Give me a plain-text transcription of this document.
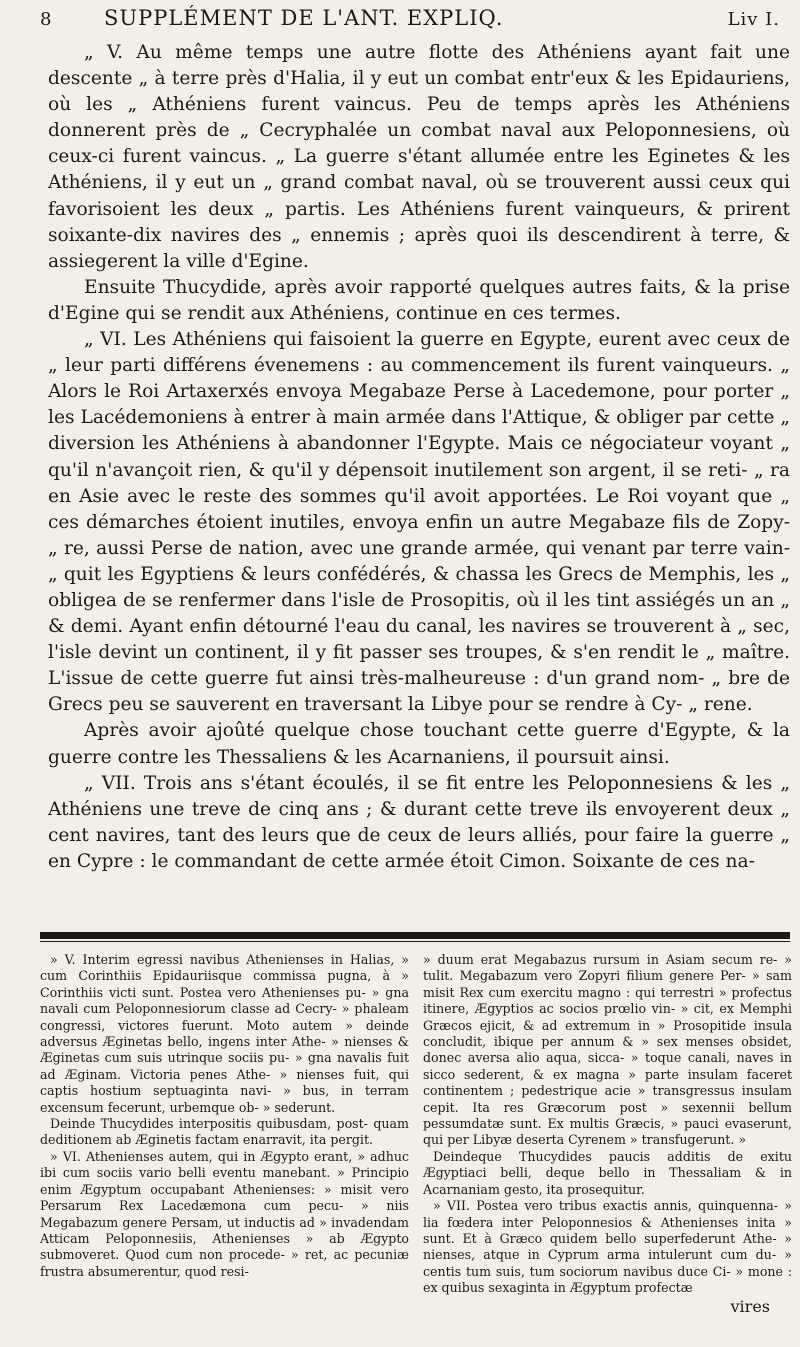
8	SUPPLÉMENT DE L'ANT. EXPLIQ.	Liv I.

„ V. Au même temps une autre flotte des Athéniens ayant fait une descente „ à terre près d'Halia, il y eut un combat entr'eux & les Epidauriens, où les „ Athéniens furent vaincus. Peu de temps après les Athéniens donnerent près de „ Cecryphalée un combat naval aux Peloponnesiens, où ceux-ci furent vaincus. „ La guerre s'étant allumée entre les Eginetes & les Athéniens, il y eut un „ grand combat naval, où se trouverent aussi ceux qui favorisoient les deux „ partis. Les Athéniens furent vainqueurs, & prirent soixante-dix navires des „ ennemis ; après quoi ils descendirent à terre, & assiegerent la ville d'Egine.

Ensuite Thucydide, après avoir rapporté quelques autres faits, & la prise d'Egine qui se rendit aux Athéniens, continue en ces termes.

„ VI. Les Athéniens qui faisoient la guerre en Egypte, eurent avec ceux de „ leur parti différens évenemens : au commencement ils furent vainqueurs. „ Alors le Roi Artaxerxés envoya Megabaze Perse à Lacedemone, pour porter „ les Lacédemoniens à entrer à main armée dans l'Attique, & obliger par cette „ diversion les Athéniens à abandonner l'Egypte. Mais ce négociateur voyant „ qu'il n'avançoit rien, & qu'il y dépensoit inutilement son argent, il se reti- „ ra en Asie avec le reste des sommes qu'il avoit apportées. Le Roi voyant que „ ces démarches étoient inutiles, envoya enfin un autre Megabaze fils de Zopy- „ re, aussi Perse de nation, avec une grande armée, qui venant par terre vain- „ quit les Egyptiens & leurs confédérés, & chassa les Grecs de Memphis, les „ obligea de se renfermer dans l'isle de Prosopitis, où il les tint assiégés un an „ & demi. Ayant enfin détourné l'eau du canal, les navires se trouverent à „ sec, l'isle devint un continent, il y fit passer ses troupes, & s'en rendit le „ maître. L'issue de cette guerre fut ainsi très-malheureuse : d'un grand nom- „ bre de Grecs peu se sauverent en traversant la Libye pour se rendre à Cy- „ rene.

Après avoir ajoûté quelque chose touchant cette guerre d'Egypte, & la guerre contre les Thessaliens & les Acarnaniens, il poursuit ainsi.

„ VII. Trois ans s'étant écoulés, il se fit entre les Peloponnesiens & les „ Athéniens une treve de cinq ans ; & durant cette treve ils envoyerent deux „ cent navires, tant des leurs que de ceux de leurs alliés, pour faire la guerre „ en Cypre : le commandant de cette armée étoit Cimon. Soixante de ces na-

» V. Interim egressi navibus Athenienses in Halias, » cum Corinthiis Epidauriisque commissa pugna, à » Corinthiis victi sunt. Postea vero Athenienses pu- » gna navali cum Peloponnesiorum classe ad Cecry- » phaleam congressi, victores fuerunt. Moto autem » deinde adversus Æginetas bello, ingens inter Athe- » nienses & Æginetas cum suis utrinque sociis pu- » gna navalis fuit ad Æginam. Victoria penes Athe- » nienses fuit, qui captis hostium septuaginta navi- » bus, in terram excensum fecerunt, urbemque ob- » sederunt.

Deinde Thucydides interpositis quibusdam, post- quam deditionem ab Æginetis factam enarravit, ita pergit.

» VI. Athenienses autem, qui in Ægypto erant, » adhuc ibi cum sociis vario belli eventu manebant. » Principio enim Ægyptum occupabant Athenienses: » misit vero Persarum Rex Lacedæmona cum pecu- » niis Megabazum genere Persam, ut inductis ad » invadendam Atticam Peloponnesiis, Athenienses » ab Ægypto submoveret. Quod cum non procede- » ret, ac pecuniæ frustra absumerentur, quod resi-

» duum erat Megabazus rursum in Asiam secum re- » tulit. Megabazum vero Zopyri filium genere Per- » sam misit Rex cum exercitu magno : qui terrestri » profectus itinere, Ægyptios ac socios prœlio vin- » cit, ex Memphi Græcos ejicit, & ad extremum in » Prosopitide insula concludit, ibique per annum & » sex menses obsidet, donec aversa alio aqua, sicca- » toque canali, naves in sicco sederent, & ex magna » parte insulam faceret continentem ; pedestrique acie » transgressus insulam cepit. Ita res Græcorum post » sexennii bellum pessumdatæ sunt. Ex multis Græcis, » pauci evaserunt, qui per Libyæ deserta Cyrenem » transfugerunt. »

Deindeque Thucydides paucis additis de exitu Ægyptiaci belli, deque bello in Thessaliam & in Acarnaniam gesto, ita prosequitur.

» VII. Postea vero tribus exactis annis, quinquenna- » lia fœdera inter Peloponnesios & Athenienses inita » sunt. Et à Græco quidem bello superfederunt Athe- » nienses, atque in Cyprum arma intulerunt cum du- » centis tum suis, tum sociorum navibus duce Ci- » mone : ex quibus sexaginta in Ægyptum profectæ

vires
